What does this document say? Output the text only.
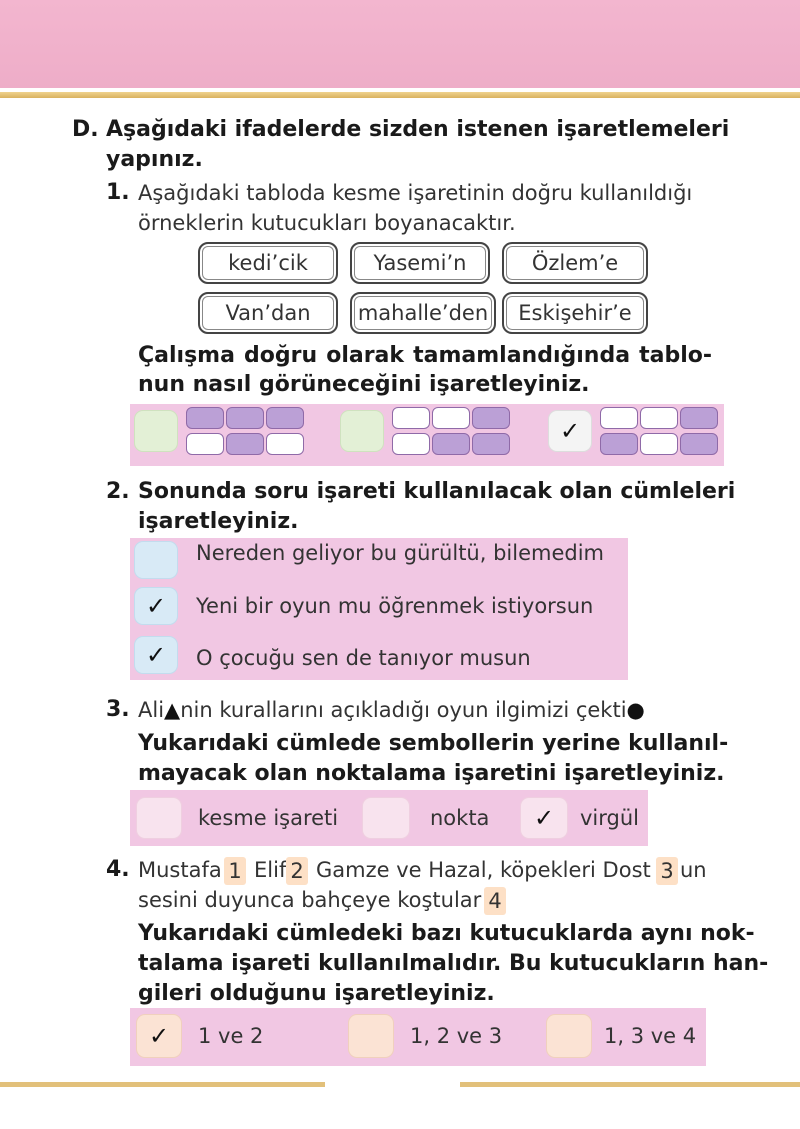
D. Aşağıdaki ifadelerde sizden istenen işaretlemeleri
yapınız.
1. Aşağıdaki tabloda kesme işaretinin doğru kullanıldığı
örneklerin kutucukları boyanacaktır.
kedi’cik	Yasemi’n	Özlem’e
Van’dan	mahalle’den	Eskişehir’e
Çalışma doğru olarak tamamlandığında tablo-
nun nasıl görüneceğini işaretleyiniz.
✓
2. Sonunda soru işareti kullanılacak olan cümleleri
işaretleyiniz.
Nereden geliyor bu gürültü, bilemedim
✓	Yeni bir oyun mu öğrenmek istiyorsun
✓	O çocuğu sen de tanıyor musun
3. Ali▲nin kurallarını açıkladığı oyun ilgimizi çekti●
Yukarıdaki cümlede sembollerin yerine kullanıl-
mayacak olan noktalama işaretini işaretleyiniz.
kesme işareti	nokta	✓	virgül
4. Mustafa 1 Elif 2 Gamze ve Hazal, köpekleri Dost 3 un
sesini duyunca bahçeye koştular 4
Yukarıdaki cümledeki bazı kutucuklarda aynı nok-
talama işareti kullanılmalıdır. Bu kutucukların han-
gileri olduğunu işaretleyiniz.
✓	1 ve 2	1, 2 ve 3	1, 3 ve 4
